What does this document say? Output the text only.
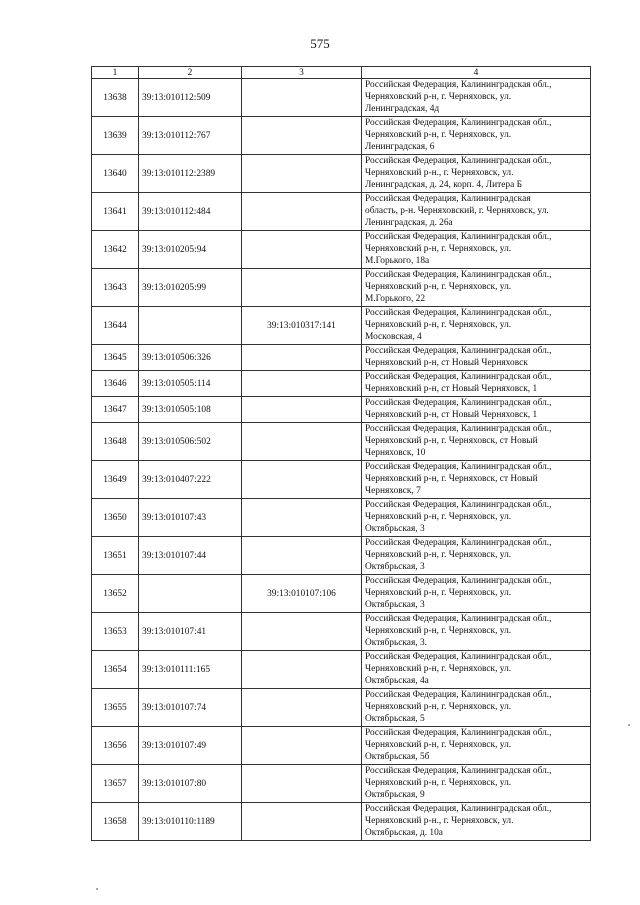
575
1	2	3	4
13638	39:13:010112:509		Российская Федерация, Калининградская обл.,
Черняховский р-н, г. Черняховск, ул.
Ленинградская, 4д

13639	39:13:010112:767		Российская Федерация, Калининградская обл.,
Черняховский р-н, г. Черняховск, ул.
Ленинградская, 6

13640	39:13:010112:2389		Российская Федерация, Калининградская обл.,
Черняховский р-н., г. Черняховск, ул.
Ленинградская, д. 24, корп. 4, Литера Б

13641	39:13:010112:484		Российская Федерация, Калининградская
область, р-н. Черняховский, г. Черняховск, ул.
Ленинградская, д. 26а

13642	39:13:010205:94		Российская Федерация, Калининградская обл.,
Черняховский р-н, г. Черняховск, ул.
М.Горького, 18а

13643	39:13:010205:99		Российская Федерация, Калининградская обл.,
Черняховский р-н, г. Черняховск, ул.
М.Горького, 22

13644		39:13:010317:141	Российская Федерация, Калининградская обл.,
Черняховский р-н, г. Черняховск, ул.
Московская, 4

13645	39:13:010506:326		Российская Федерация, Калининградская обл.,
Черняховский р-н, ст Новый Черняховск

13646	39:13:010505:114		Российская Федерация, Калининградская обл.,
Черняховский р-н, ст Новый Черняховск, 1

13647	39:13:010505:108		Российская Федерация, Калининградская обл.,
Черняховский р-н, ст Новый Черняховск, 1

13648	39:13:010506:502		Российская Федерация, Калининградская обл.,
Черняховский р-н, г. Черняховск, ст Новый
Черняховск, 10

13649	39:13:010407:222		Российская Федерация, Калининградская обл.,
Черняховский р-н, г. Черняховск, ст Новый
Черняховск, 7

13650	39:13:010107:43		Российская Федерация, Калининградская обл.,
Черняховский р-н, г. Черняховск, ул.
Октябрьская, 3

13651	39:13:010107:44		Российская Федерация, Калининградская обл.,
Черняховский р-н, г. Черняховск, ул.
Октябрьская, 3

13652		39:13:010107:106	Российская Федерация, Калининградская обл.,
Черняховский р-н, г. Черняховск, ул.
Октябрьская, 3

13653	39:13:010107:41		Российская Федерация, Калининградская обл.,
Черняховский р-н, г. Черняховск, ул.
Октябрьская, 3.

13654	39:13:010111:165		Российская Федерация, Калининградская обл.,
Черняховский р-н, г. Черняховск, ул.
Октябрьская, 4а

13655	39:13:010107:74		Российская Федерация, Калининградская обл.,
Черняховский р-н, г. Черняховск, ул.
Октябрьская, 5

13656	39:13:010107:49		Российская Федерация, Калининградская обл.,
Черняховский р-н, г. Черняховск, ул.
Октябрьская, 5б

13657	39:13:010107:80		Российская Федерация, Калининградская обл.,
Черняховский р-н, г. Черняховск, ул.
Октябрьская, 9

13658	39:13:010110:1189		Российская Федерация, Калининградская обл.,
Черняховский р-н., г. Черняховск, ул.
Октябрьская, д. 10а
